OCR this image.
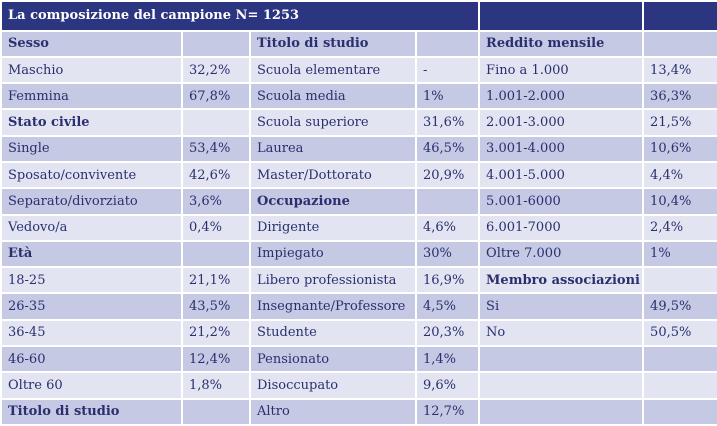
La composizione del campione N= 1253					
Sesso		Titolo di studio		Reddito mensile	
Maschio	32,2%	Scuola elementare	-	Fino a 1.000	13,4%
Femmina	67,8%	Scuola media	1%	1.001-2.000	36,3%
Stato civile		Scuola superiore	31,6%	2.001-3.000	21,5%
Single	53,4%	Laurea	46,5%	3.001-4.000	10,6%
Sposato/convivente	42,6%	Master/Dottorato	20,9%	4.001-5.000	4,4%
Separato/divorziato	3,6%	Occupazione		5.001-6000	10,4%
Vedovo/a	0,4%	Dirigente	4,6%	6.001-7000	2,4%
Età		Impiegato	30%	Oltre 7.000	1%
18-25	21,1%	Libero professionista	16,9%	Membro associazioni	
26-35	43,5%	Insegnante/Professore	4,5%	Si	49,5%
36-45	21,2%	Studente	20,3%	No	50,5%
46-60	12,4%	Pensionato	1,4%		
Oltre 60	1,8%	Disoccupato	9,6%		
Titolo di studio		Altro	12,7%		
